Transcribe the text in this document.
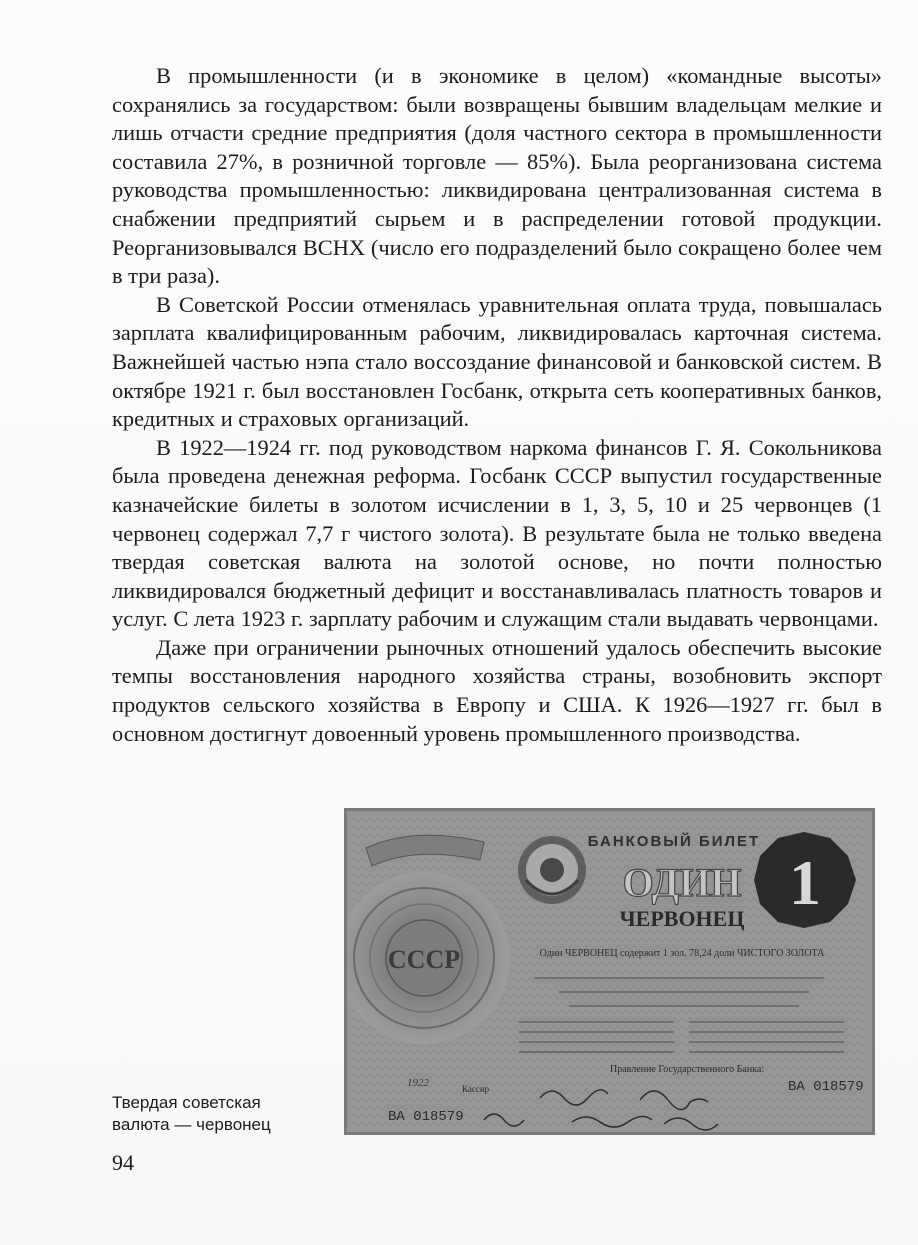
В промышленности (и в экономике в целом) «командные высоты» сохранялись за государством: были возвращены бывшим владельцам мелкие и лишь отчасти средние предприятия (доля частного сектора в промышленности составила 27%, в розничной торговле — 85%). Была реорганизована система руководства промышленностью: ликвидирована централизованная система в снабжении предприятий сырьем и в распределении готовой продукции. Реорганизовывался ВСНХ (число его подразделений было сокращено более чем в три раза).

В Советской России отменялась уравнительная оплата труда, повышалась зарплата квалифицированным рабочим, ликвидировалась карточная система. Важнейшей частью нэпа стало воссоздание финансовой и банковской систем. В октябре 1921 г. был восстановлен Госбанк, открыта сеть кооперативных банков, кредитных и страховых организаций.

В 1922—1924 гг. под руководством наркома финансов Г. Я. Сокольникова была проведена денежная реформа. Госбанк СССР выпустил государственные казначейские билеты в золотом исчислении в 1, 3, 5, 10 и 25 червонцев (1 червонец содержал 7,7 г чистого золота). В результате была не только введена твердая советская валюта на золотой основе, но почти полностью ликвидировался бюджетный дефицит и восстанавливалась платность товаров и услуг. С лета 1923 г. зарплату рабочим и служащим стали выдавать червонцами.

Даже при ограничении рыночных отношений удалось обеспечить высокие темпы восстановления народного хозяйства страны, возобновить экспорт продуктов сельского хозяйства в Европу и США. К 1926—1927 гг. был в основном достигнут довоенный уровень промышленного производства.

СССР
БАНКОВЫЙ БИЛЕТ
ОДИН
ЧЕРВОНЕЦ
1
Один ЧЕРВОНЕЦ содержит 1 зол. 78,24 доли ЧИСТОГО ЗОЛОТА
1922
Правление Государственного Банка:
Кассир
ВА 018579
ВА 018579
Твердая советская
валюта — червонец
94
